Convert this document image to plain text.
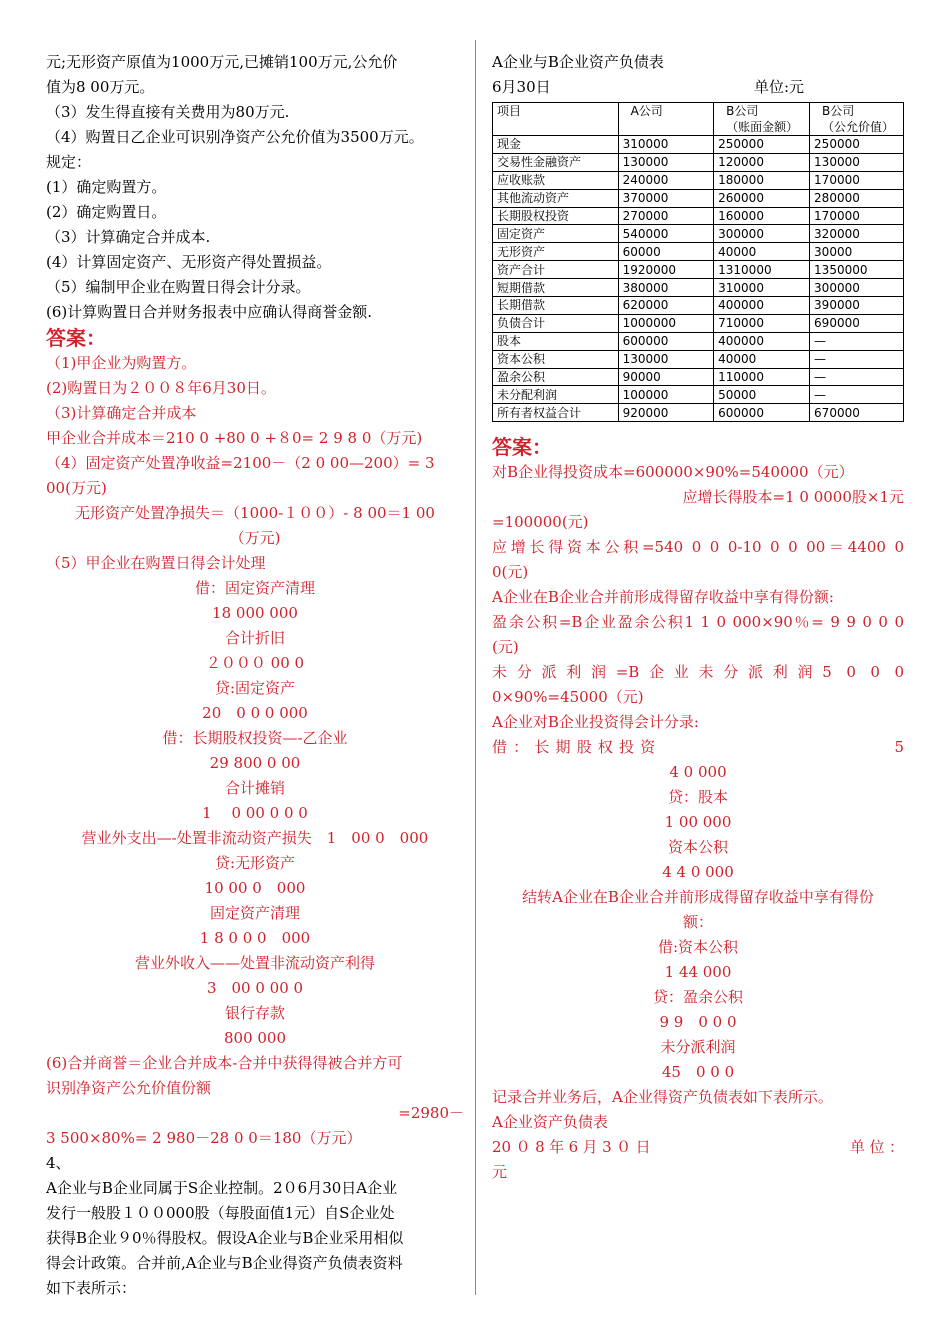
元;无形资产原值为1000万元,已摊销100万元,公允价
值为8 00万元。
（3）发生得直接有关费用为80万元.
（4）购置日乙企业可识别净资产公允价值为3500万元。
规定：
(1）确定购置方。
(2）确定购置日。
（3）计算确定合并成本.
(4）计算固定资产、无形资产得处置损益。
（5）编制甲企业在购置日得会计分录。
(6)计算购置日合并财务报表中应确认得商誉金额.
答案：
（1)甲企业为购置方。
(2)购置日为２００８年6月30日。
（3)计算确定合并成本
甲企业合并成本＝210 0 +80 0 +８0= 2 9 8 0（万元)
（4）固定资产处置净收益=2100－（2 0 00—200）= 3
00(万元)
无形资产处置净损失＝（1000-１００）- 8 00＝1 00
（万元)
（5）甲企业在购置日得会计处理
借：固定资产清理
18 000 000
合计折旧
２０００ 00 0
贷:固定资产
20　0 0 0 000
借：长期股权投资—-乙企业
29 800 0 00
合计摊销
1　 0 00 0 0 0
营业外支出—-处置非流动资产损失　1　00 0　000
贷:无形资产
10 00 0　000
固定资产清理
1 8 0 0 0　000
营业外收入——处置非流动资产利得
3　00 0 00 0
银行存款
800 000
(6)合并商誉＝企业合并成本-合并中获得得被合并方可
识别净资产公允价值份额
=2980－
3 500×80%= 2 980－28 0 0＝180（万元）
4、
A企业与B企业同属于S企业控制。2０6月30日A企业
发行一般股１００000股（每股面值1元）自S企业处
获得B企业９0％得股权。假设A企业与B企业采用相似
得会计政策。合并前,A企业与B企业得资产负债表资料
如下表所示：
A企业与B企业资产负债表
6月30日	单位:元
项目	A公司	B公司
（账面金额）	B公司
（公允价值）
现金	310000	250000	250000
交易性金融资产	130000	120000	130000
应收账款	240000	180000	170000
其他流动资产	370000	260000	280000
长期股权投资	270000	160000	170000
固定资产	540000	300000	320000
无形资产	60000	40000	30000
资产合计	1920000	1310000	1350000
短期借款	380000	310000	300000
长期借款	620000	400000	390000
负债合计	1000000	710000	690000
股本	600000	400000	—
资本公积	130000	40000	—
盈余公积	90000	110000	—
未分配利润	100000	50000	—
所有者权益合计	920000	600000	670000
答案：
对B企业得投资成本=600000×90%=540000（元）
应增长得股本=1 0 0000股×1元
=100000(元)
应增长得资本公积=540 0 0 0-10 0 0 00＝4400 0
0(元)
A企业在B企业合并前形成得留存收益中享有得份额:
盈余公积=B企业盈余公积1 1 0 000×90％= 9 9 0 0 0
(元)
未分派利润=B企业未分派利润5 0 0 0
0×90%=45000（元)
A企业对B企业投资得会计分录:
借：长期股权投资　　　　　　　　　　　5
4 0 000
贷：股本
1 00 000
资本公积
4 4 0 000
结转A企业在B企业合并前形成得留存收益中享有得份
额：
借:资本公积
1 44 000
贷：盈余公积
9 9　0 0 0
未分派利润
45　0 0 0
记录合并业务后，A企业得资产负债表如下表所示。
A企业资产负债表
20０8年6月3０日　　　　　　　　　　单位：
元
